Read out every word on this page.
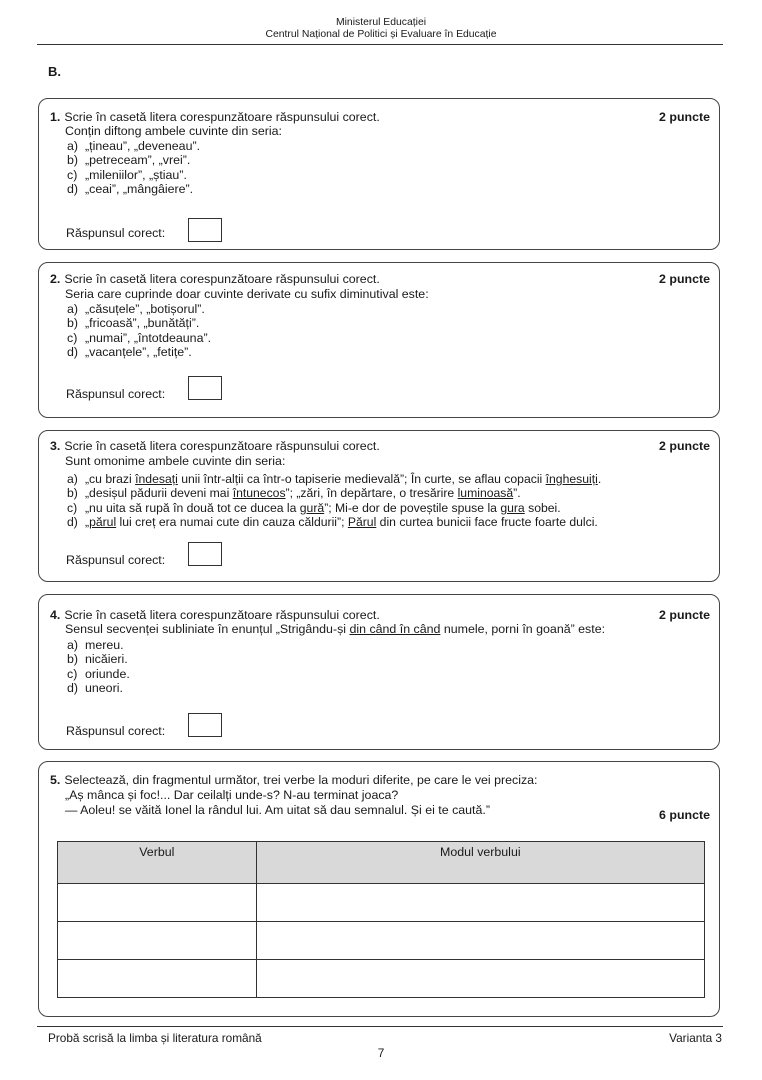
Ministerul Educației
Centrul Național de Politici și Evaluare în Educație
B.
1. Scrie în casetă litera corespunzătoare răspunsului corect.	2 puncte
Conțin diftong ambele cuvinte din seria:
a) „țineau”, „deveneau”.
b) „petreceam”, „vrei”.
c) „mileniilor”, „știau”.
d) „ceai”, „mângâiere”.
Răspunsul corect:
2. Scrie în casetă litera corespunzătoare răspunsului corect.	2 puncte
Seria care cuprinde doar cuvinte derivate cu sufix diminutival este:
a) „căsuțele”, „botișorul”.
b) „fricoasă”, „bunătăți”.
c) „numai”, „întotdeauna”.
d) „vacanțele”, „fetițe”.
Răspunsul corect:
3. Scrie în casetă litera corespunzătoare răspunsului corect.	2 puncte
Sunt omonime ambele cuvinte din seria:
a) „cu brazi îndesați unii într-alții ca într-o tapiserie medievală”; În curte, se aflau copacii înghesuiți.
b) „desișul pădurii deveni mai întunecos”; „zări, în depărtare, o tresărire luminoasă”.
c) „nu uita să rupă în două tot ce ducea la gură”; Mi-e dor de poveștile spuse la gura sobei.
d) „părul lui creț era numai cute din cauza căldurii”; Părul din curtea bunicii face fructe foarte dulci.
Răspunsul corect:
4. Scrie în casetă litera corespunzătoare răspunsului corect.	2 puncte
Sensul secvenței subliniate în enunțul „Strigându-și din când în când numele, porni în goană” este:
a) mereu.
b) nicăieri.
c) oriunde.
d) uneori.
Răspunsul corect:
5. Selectează, din fragmentul următor, trei verbe la moduri diferite, pe care le vei preciza:
„Aș mânca și foc!... Dar ceilalți unde-s? N-au terminat joaca?
— Aoleu! se văită Ionel la rândul lui. Am uitat să dau semnalul. Și ei te caută.”	6 puncte
Verbul	Modul verbului

Probă scrisă la limba și literatura română	Varianta 3
7
